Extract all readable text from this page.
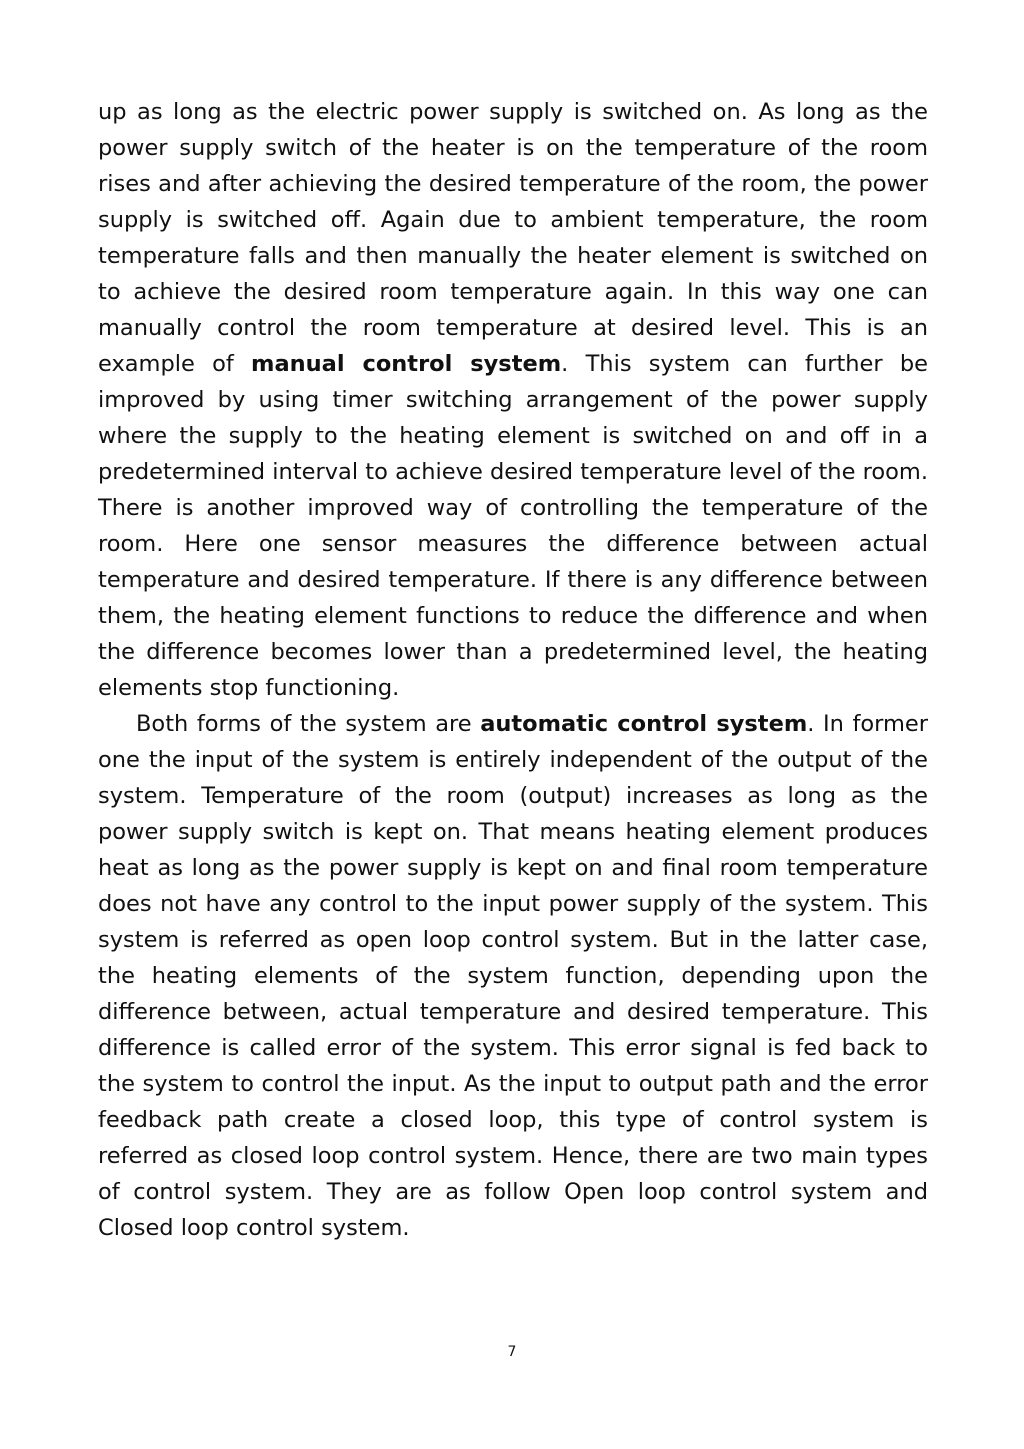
up as long as the electric power supply is switched on. As long as the power supply switch of the heater is on the temperature of the room rises and after achieving the desired temperature of the room, the power supply is switched off. Again due to ambient temperature, the room temperature falls and then manually the heater element is switched on to achieve the desired room temperature again. In this way one can manually control the room temperature at desired level. This is an example of manual control system. This system can further be improved by using timer switching arrangement of the power supply where the supply to the heating element is switched on and off in a predetermined interval to achieve desired temperature level of the room. There is another improved way of controlling the temperature of the room. Here one sensor measures the difference between actual temperature and desired temperature. If there is any difference between them, the heating element functions to reduce the difference and when the difference becomes lower than a predetermined level, the heating elements stop functioning.

Both forms of the system are automatic control system. In former one the input of the system is entirely independent of the output of the system. Temperature of the room (output) increases as long as the power supply switch is kept on. That means heating element produces heat as long as the power supply is kept on and final room temperature does not have any control to the input power supply of the system. This system is referred as open loop control system. But in the latter case, the heating elements of the system function, depending upon the difference between, actual temperature and desired temperature. This difference is called error of the system. This error signal is fed back to the system to control the input. As the input to output path and the error feedback path create a closed loop, this type of control system is referred as closed loop control system. Hence, there are two main types of control system. They are as follow Open loop control system and Closed loop control system.

7
